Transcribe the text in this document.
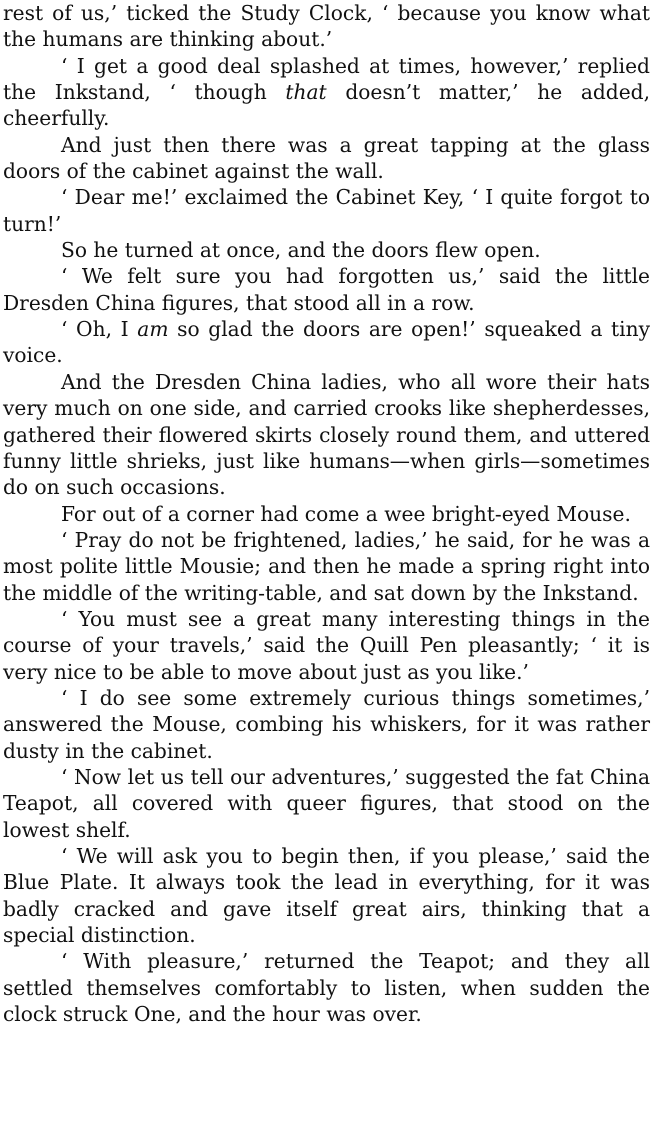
rest of us,’ ticked the Study Clock, ‘ because you know what the humans are thinking about.’

‘ I get a good deal splashed at times, however,’ replied the Inkstand, ‘ though that doesn’t matter,’ he added, cheerfully.

And just then there was a great tapping at the glass doors of the cabinet against the wall.

‘ Dear me!’ exclaimed the Cabinet Key, ‘ I quite forgot to turn!’

So he turned at once, and the doors flew open.

‘ We felt sure you had forgotten us,’ said the little Dresden China figures, that stood all in a row.

‘ Oh, I am so glad the doors are open!’ squeaked a tiny voice.

And the Dresden China ladies, who all wore their hats very much on one side, and carried crooks like shepherdesses, gathered their flowered skirts closely round them, and uttered funny little shrieks, just like humans—when girls—sometimes do on such occasions.

For out of a corner had come a wee bright-eyed Mouse.

‘ Pray do not be frightened, ladies,’ he said, for he was a most polite little Mousie; and then he made a spring right into the middle of the writing-table, and sat down by the Inkstand.

‘ You must see a great many interesting things in the course of your travels,’ said the Quill Pen pleasantly; ‘ it is very nice to be able to move about just as you like.’

‘ I do see some extremely curious things sometimes,’ answered the Mouse, combing his whiskers, for it was rather dusty in the cabinet.

‘ Now let us tell our adventures,’ suggested the fat China Teapot, all covered with queer figures, that stood on the lowest shelf.

‘ We will ask you to begin then, if you please,’ said the Blue Plate. It always took the lead in everything, for it was badly cracked and gave itself great airs, thinking that a special distinction.

‘ With pleasure,’ returned the Teapot; and they all settled themselves comfortably to listen, when sudden the clock struck One, and the hour was over.
